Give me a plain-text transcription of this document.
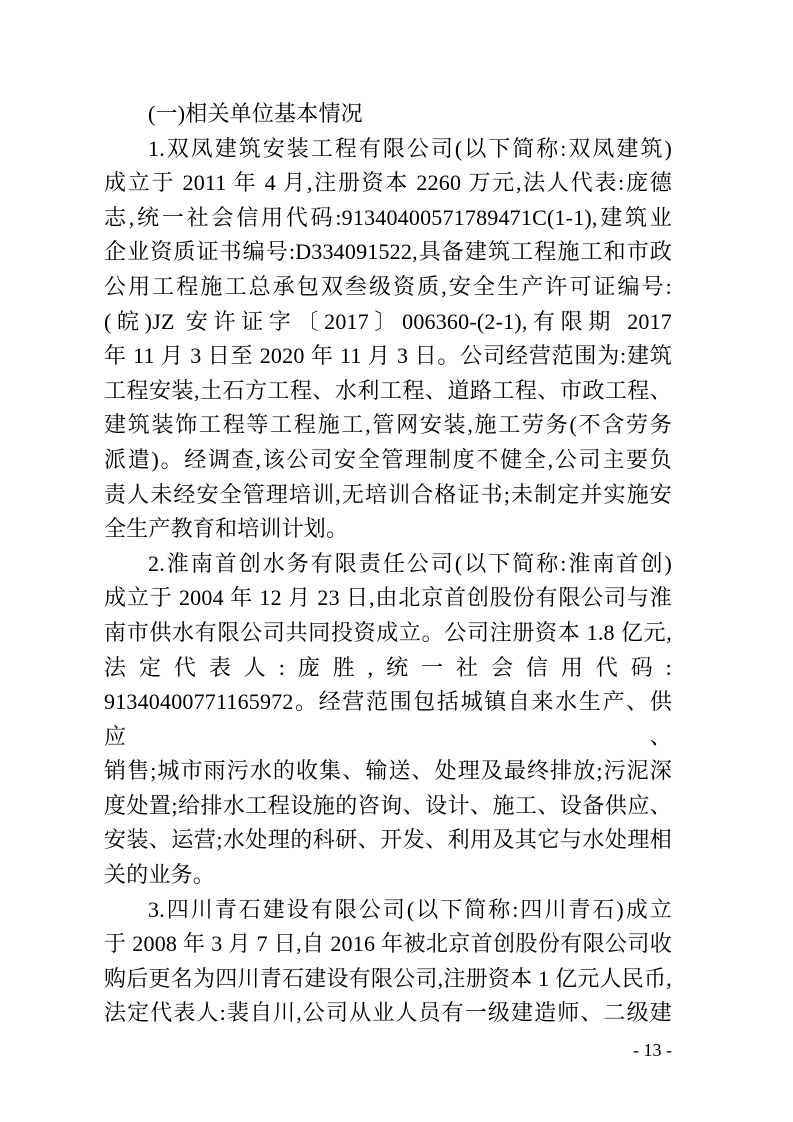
(一)相关单位基本情况
1.双凤建筑安装工程有限公司(以下简称:双凤建筑)
成立于 2011 年 4 月,注册资本 2260 万元,法人代表:庞德
志,统一社会信用代码:91340400571789471C(1-1),建筑业
企业资质证书编号:D334091522,具备建筑工程施工和市政
公用工程施工总承包双叁级资质,安全生产许可证编号:
(皖)JZ 安许证字〔2017〕006360-(2-1),有限期 2017
年 11 月 3 日至 2020 年 11 月 3 日。公司经营范围为:建筑
工程安装,土石方工程、水利工程、道路工程、市政工程、
建筑装饰工程等工程施工,管网安装,施工劳务(不含劳务
派遣)。经调查,该公司安全管理制度不健全,公司主要负
责人未经安全管理培训,无培训合格证书;未制定并实施安
全生产教育和培训计划。
2.淮南首创水务有限责任公司(以下简称:淮南首创)
成立于 2004 年 12 月 23 日,由北京首创股份有限公司与淮
南市供水有限公司共同投资成立。公司注册资本 1.8 亿元,
法定代表人:庞胜,统一社会信用代码:
91340400771165972。经营范围包括城镇自来水生产、供应、
销售;城市雨污水的收集、输送、处理及最终排放;污泥深
度处置;给排水工程设施的咨询、设计、施工、设备供应、
安装、运营;水处理的科研、开发、利用及其它与水处理相
关的业务。
3.四川青石建设有限公司(以下简称:四川青石)成立
于 2008 年 3 月 7 日,自 2016 年被北京首创股份有限公司收
购后更名为四川青石建设有限公司,注册资本 1 亿元人民币,
法定代表人:裴自川,公司从业人员有一级建造师、二级建
- 13 -
